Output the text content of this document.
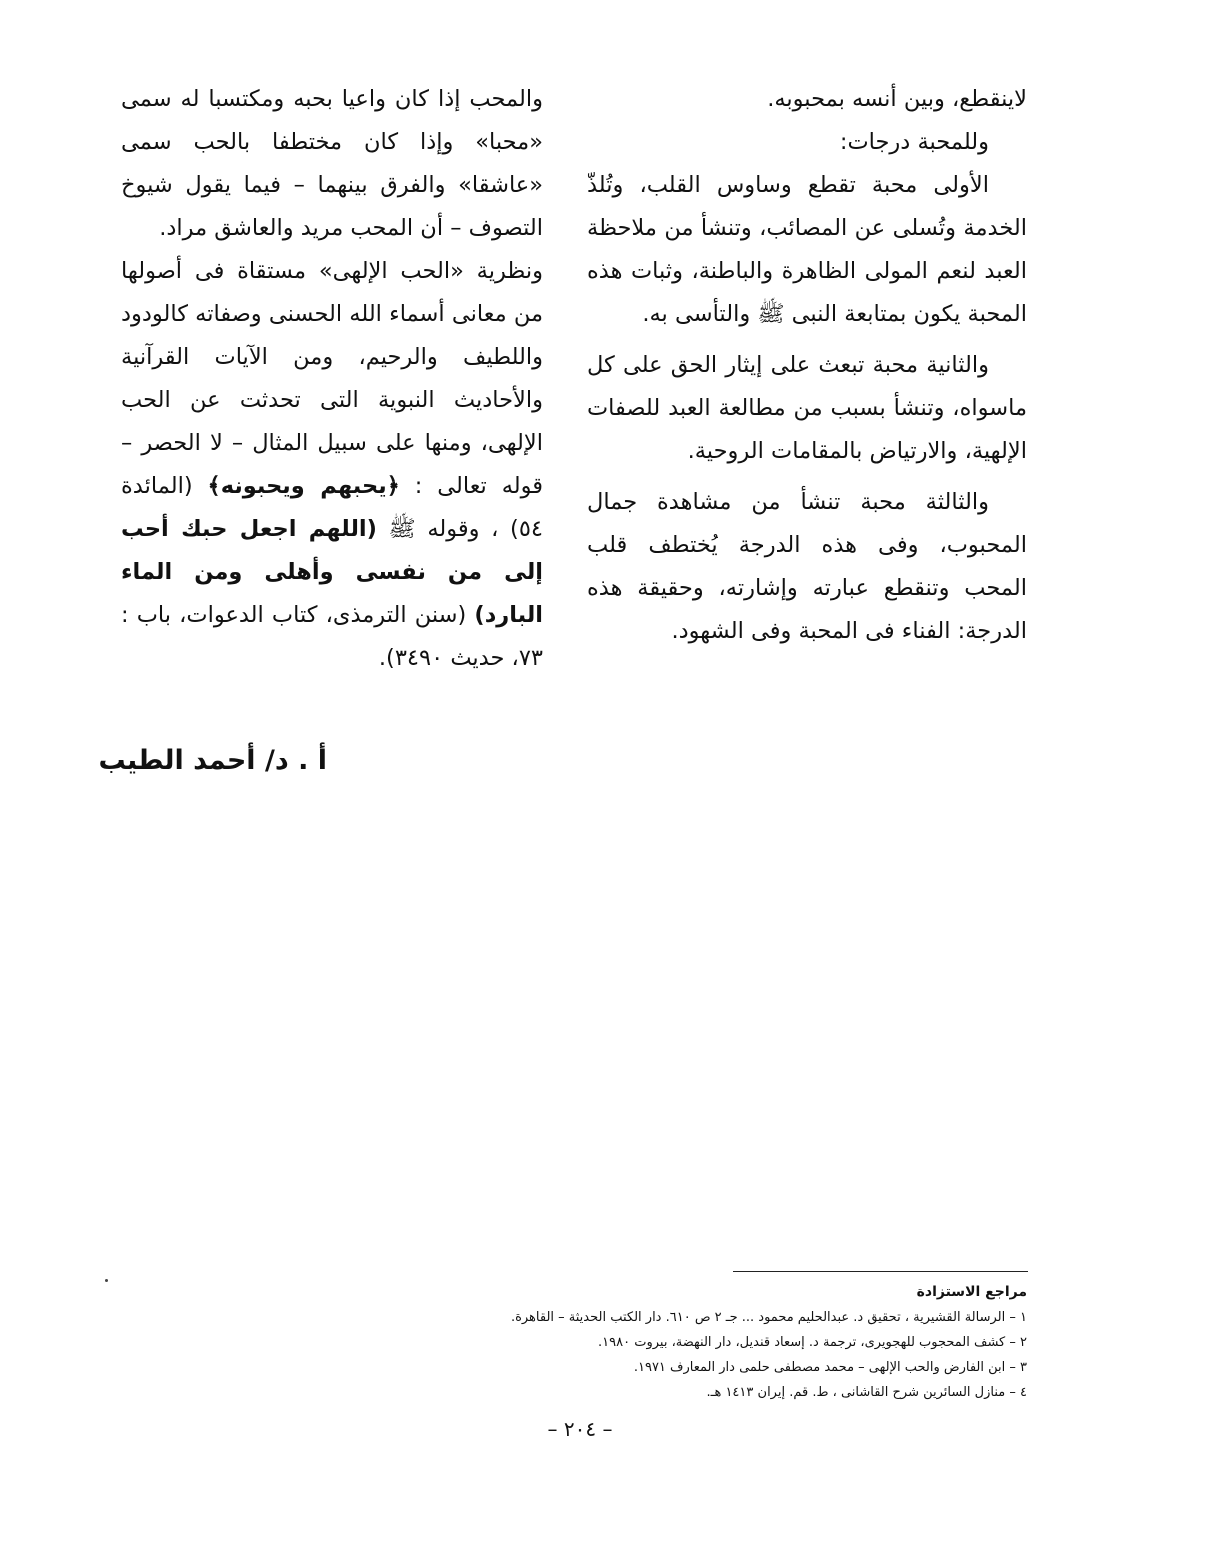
لاينقطع، وبين أنسه بمحبوبه.

وللمحبة درجات:

الأولى محبة تقطع وساوس القلب، وتُلذّ الخدمة وتُسلى عن المصائب، وتنشأ من ملاحظة العبد لنعم المولى الظاهرة والباطنة، وثبات هذه المحبة يكون بمتابعة النبى ﷺ والتأسى به.

والثانية محبة تبعث على إيثار الحق على كل ماسواه، وتنشأ بسبب من مطالعة العبد للصفات الإلهية، والارتياض بالمقامات الروحية.

والثالثة محبة تنشأ من مشاهدة جمال المحبوب، وفى هذه الدرجة يُختطف قلب المحب وتنقطع عبارته وإشارته، وحقيقة هذه الدرجة: الفناء فى المحبة وفى الشهود.

والمحب إذا كان واعيا بحبه ومكتسبا له سمى «محبا» وإذا كان مختطفا بالحب سمى «عاشقا» والفرق بينهما – فيما يقول شيوخ التصوف – أن المحب مريد والعاشق مراد.

ونظرية «الحب الإلهى» مستقاة فى أصولها من معانى أسماء الله الحسنى وصفاته كالودود واللطيف والرحيم، ومن الآيات القرآنية والأحاديث النبوية التى تحدثت عن الحب الإلهى، ومنها على سبيل المثال – لا الحصر – قوله تعالى : ﴿يحبهم ويحبونه﴾ (المائدة ٥٤) ، وقوله ﷺ (اللهم اجعل حبك أحب إلى من نفسى وأهلى ومن الماء البارد) (سنن الترمذى، كتاب الدعوات، باب : ٧٣، حديث ٣٤٩٠).

أ . د/ أحمد الطيب
مراجع الاستزادة
١ – الرسالة القشيرية ، تحقيق د. عبدالحليم محمود ... جـ ٢ ص ٦١٠. دار الكتب الحديثة – القاهرة.
٢ – كشف المحجوب للهجويرى، ترجمة د. إسعاد قنديل، دار النهضة، بيروت ١٩٨٠.
٣ – ابن الفارض والحب الإلهى – محمد مصطفى حلمى دار المعارف ١٩٧١.
٤ – منازل السائرين شرح القاشانى ، ط. قم. إيران ١٤١٣ هـ.
– ٢٠٤ –
